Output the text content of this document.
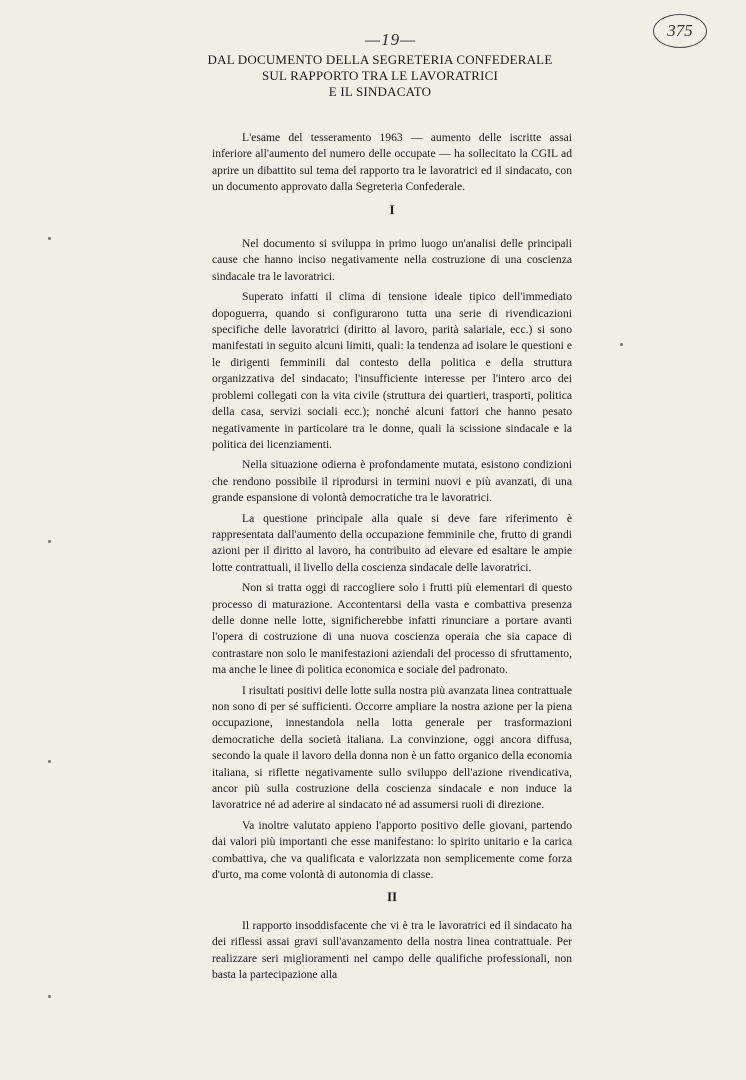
—19—	375
DAL DOCUMENTO DELLA SEGRETERIA CONFEDERALE
SUL RAPPORTO TRA LE LAVORATRICI
E IL SINDACATO

L'esame del tesseramento 1963 — aumento delle iscritte assai inferiore all'aumento del numero delle occupate — ha sollecitato la CGIL ad aprire un dibattito sul tema del rapporto tra le lavoratrici ed il sindacato, con un documento approvato dalla Segreteria Confederale.

I

Nel documento si sviluppa in primo luogo un'analisi delle principali cause che hanno inciso negativamente nella costruzione di una coscienza sindacale tra le lavoratrici.

Superato infatti il clima di tensione ideale tipico dell'immediato dopoguerra, quando si configurarono tutta una serie di rivendicazioni specifiche delle lavoratrici (diritto al lavoro, parità salariale, ecc.) si sono manifestati in seguito alcuni limiti, quali: la tendenza ad isolare le questioni e le dirigenti femminili dal contesto della politica e della struttura organizzativa del sindacato; l'insufficiente interesse per l'intero arco dei problemi collegati con la vita civile (struttura dei quartieri, trasporti, politica della casa, servizi sociali ecc.); nonché alcuni fattori che hanno pesato negativamente in particolare tra le donne, quali la scissione sindacale e la politica dei licenziamenti.

Nella situazione odierna è profondamente mutata, esistono condizioni che rendono possibile il riprodursi in termini nuovi e più avanzati, di una grande espansione di volontà democratiche tra le lavoratrici.

La questione principale alla quale si deve fare riferimento è rappresentata dall'aumento della occupazione femminile che, frutto di grandi azioni per il diritto al lavoro, ha contribuito ad elevare ed esaltare le ampie lotte contrattuali, il livello della coscienza sindacale delle lavoratrici.

Non si tratta oggi di raccogliere solo i frutti più elementari di questo processo di maturazione. Accontentarsi della vasta e combattiva presenza delle donne nelle lotte, significherebbe infatti rinunciare a portare avanti l'opera di costruzione di una nuova coscienza operaia che sia capace di contrastare non solo le manifestazioni aziendali del processo di sfruttamento, ma anche le linee di politica economica e sociale del padronato.

I risultati positivi delle lotte sulla nostra più avanzata linea contrattuale non sono di per sé sufficienti. Occorre ampliare la nostra azione per la piena occupazione, innestandola nella lotta generale per trasformazioni democratiche della società italiana. La convinzione, oggi ancora diffusa, secondo la quale il lavoro della donna non è un fatto organico della economia italiana, si riflette negativamente sullo sviluppo dell'azione rivendicativa, ancor più sulla costruzione della coscienza sindacale e non induce la lavoratrice né ad aderire al sindacato né ad assumersi ruoli di direzione.

Va inoltre valutato appieno l'apporto positivo delle giovani, partendo dai valori più importanti che esse manifestano: lo spirito unitario e la carica combattiva, che va qualificata e valorizzata non semplicemente come forza d'urto, ma come volontà di autonomia di classe.

II

Il rapporto insoddisfacente che vi è tra le lavoratrici ed il sindacato ha dei riflessi assai gravi sull'avanzamento della nostra linea contrattuale. Per realizzare seri miglioramenti nel campo delle qualifiche professionali, non basta la partecipazione alla
